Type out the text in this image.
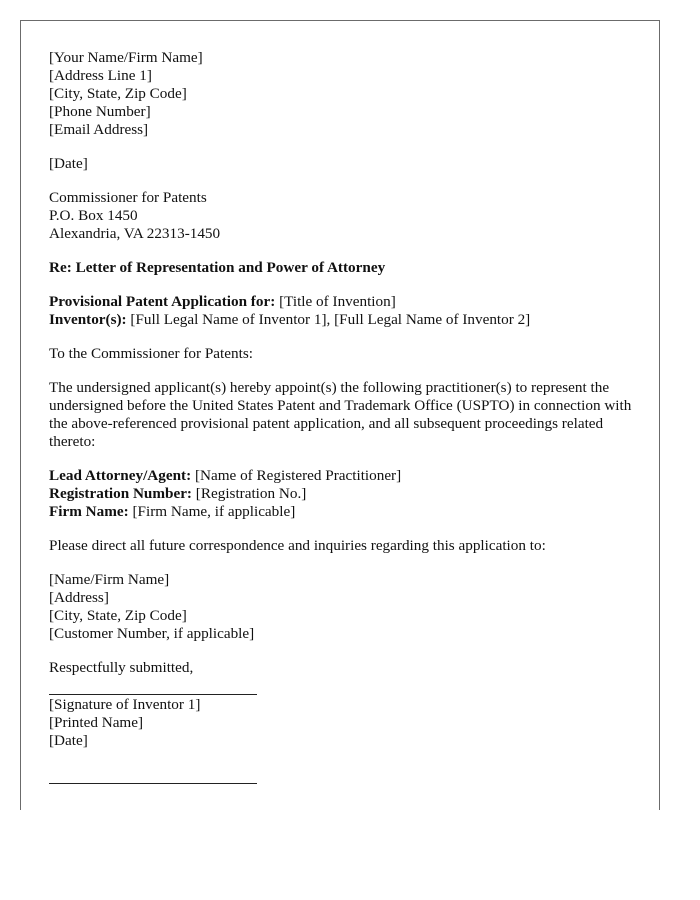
[Your Name/Firm Name]
[Address Line 1]
[City, State, Zip Code]
[Phone Number]
[Email Address]
[Date]
Commissioner for Patents
P.O. Box 1450
Alexandria, VA 22313-1450
Re: Letter of Representation and Power of Attorney
Provisional Patent Application for: [Title of Invention]
Inventor(s): [Full Legal Name of Inventor 1], [Full Legal Name of Inventor 2]
To the Commissioner for Patents:
The undersigned applicant(s) hereby appoint(s) the following practitioner(s) to represent the undersigned before the United States Patent and Trademark Office (USPTO) in connection with the above-referenced provisional patent application, and all subsequent proceedings related thereto:
Lead Attorney/Agent: [Name of Registered Practitioner]
Registration Number: [Registration No.]
Firm Name: [Firm Name, if applicable]
Please direct all future correspondence and inquiries regarding this application to:
[Name/Firm Name]
[Address]
[City, State, Zip Code]
[Customer Number, if applicable]
Respectfully submitted,
[Signature of Inventor 1]
[Printed Name]
[Date]
